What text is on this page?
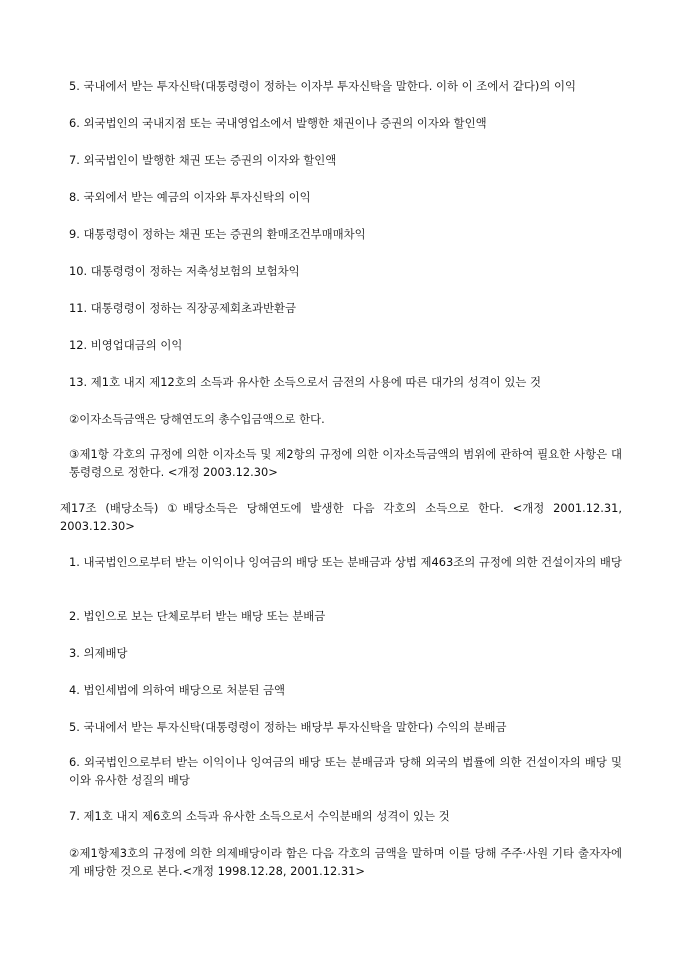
5. 국내에서 받는 투자신탁(대통령령이 정하는 이자부 투자신탁을 말한다. 이하 이 조에서 같다)의 이익
6. 외국법인의 국내지점 또는 국내영업소에서 발행한 채권이나 증권의 이자와 할인액
7. 외국법인이 발행한 채권 또는 증권의 이자와 할인액
8. 국외에서 받는 예금의 이자와 투자신탁의 이익
9. 대통령령이 정하는 채권 또는 증권의 환매조건부매매차익
10. 대통령령이 정하는 저축성보험의 보험차익
11. 대통령령이 정하는 직장공제회초과반환금
12. 비영업대금의 이익
13. 제1호 내지 제12호의 소득과 유사한 소득으로서 금전의 사용에 따른 대가의 성격이 있는 것
②이자소득금액은 당해연도의 총수입금액으로 한다.
③제1항 각호의 규정에 의한 이자소득 및 제2항의 규정에 의한 이자소득금액의 범위에 관하여 필요한 사항은 대통령령으로 정한다. <개정 2003.12.30>
제17조 (배당소득) ①배당소득은 당해연도에 발생한 다음 각호의 소득으로 한다. <개정 2001.12.31, 2003.12.30>
1. 내국법인으로부터 받는 이익이나 잉여금의 배당 또는 분배금과 상법 제463조의 규정에 의한 건설이자의 배당
2. 법인으로 보는 단체로부터 받는 배당 또는 분배금
3. 의제배당
4. 법인세법에 의하여 배당으로 처분된 금액
5. 국내에서 받는 투자신탁(대통령령이 정하는 배당부 투자신탁을 말한다) 수익의 분배금
6. 외국법인으로부터 받는 이익이나 잉여금의 배당 또는 분배금과 당해 외국의 법률에 의한 건설이자의 배당 및 이와 유사한 성질의 배당
7. 제1호 내지 제6호의 소득과 유사한 소득으로서 수익분배의 성격이 있는 것
②제1항제3호의 규정에 의한 의제배당이라 함은 다음 각호의 금액을 말하며 이를 당해 주주·사원 기타 출자자에게 배당한 것으로 본다.<개정 1998.12.28, 2001.12.31>
